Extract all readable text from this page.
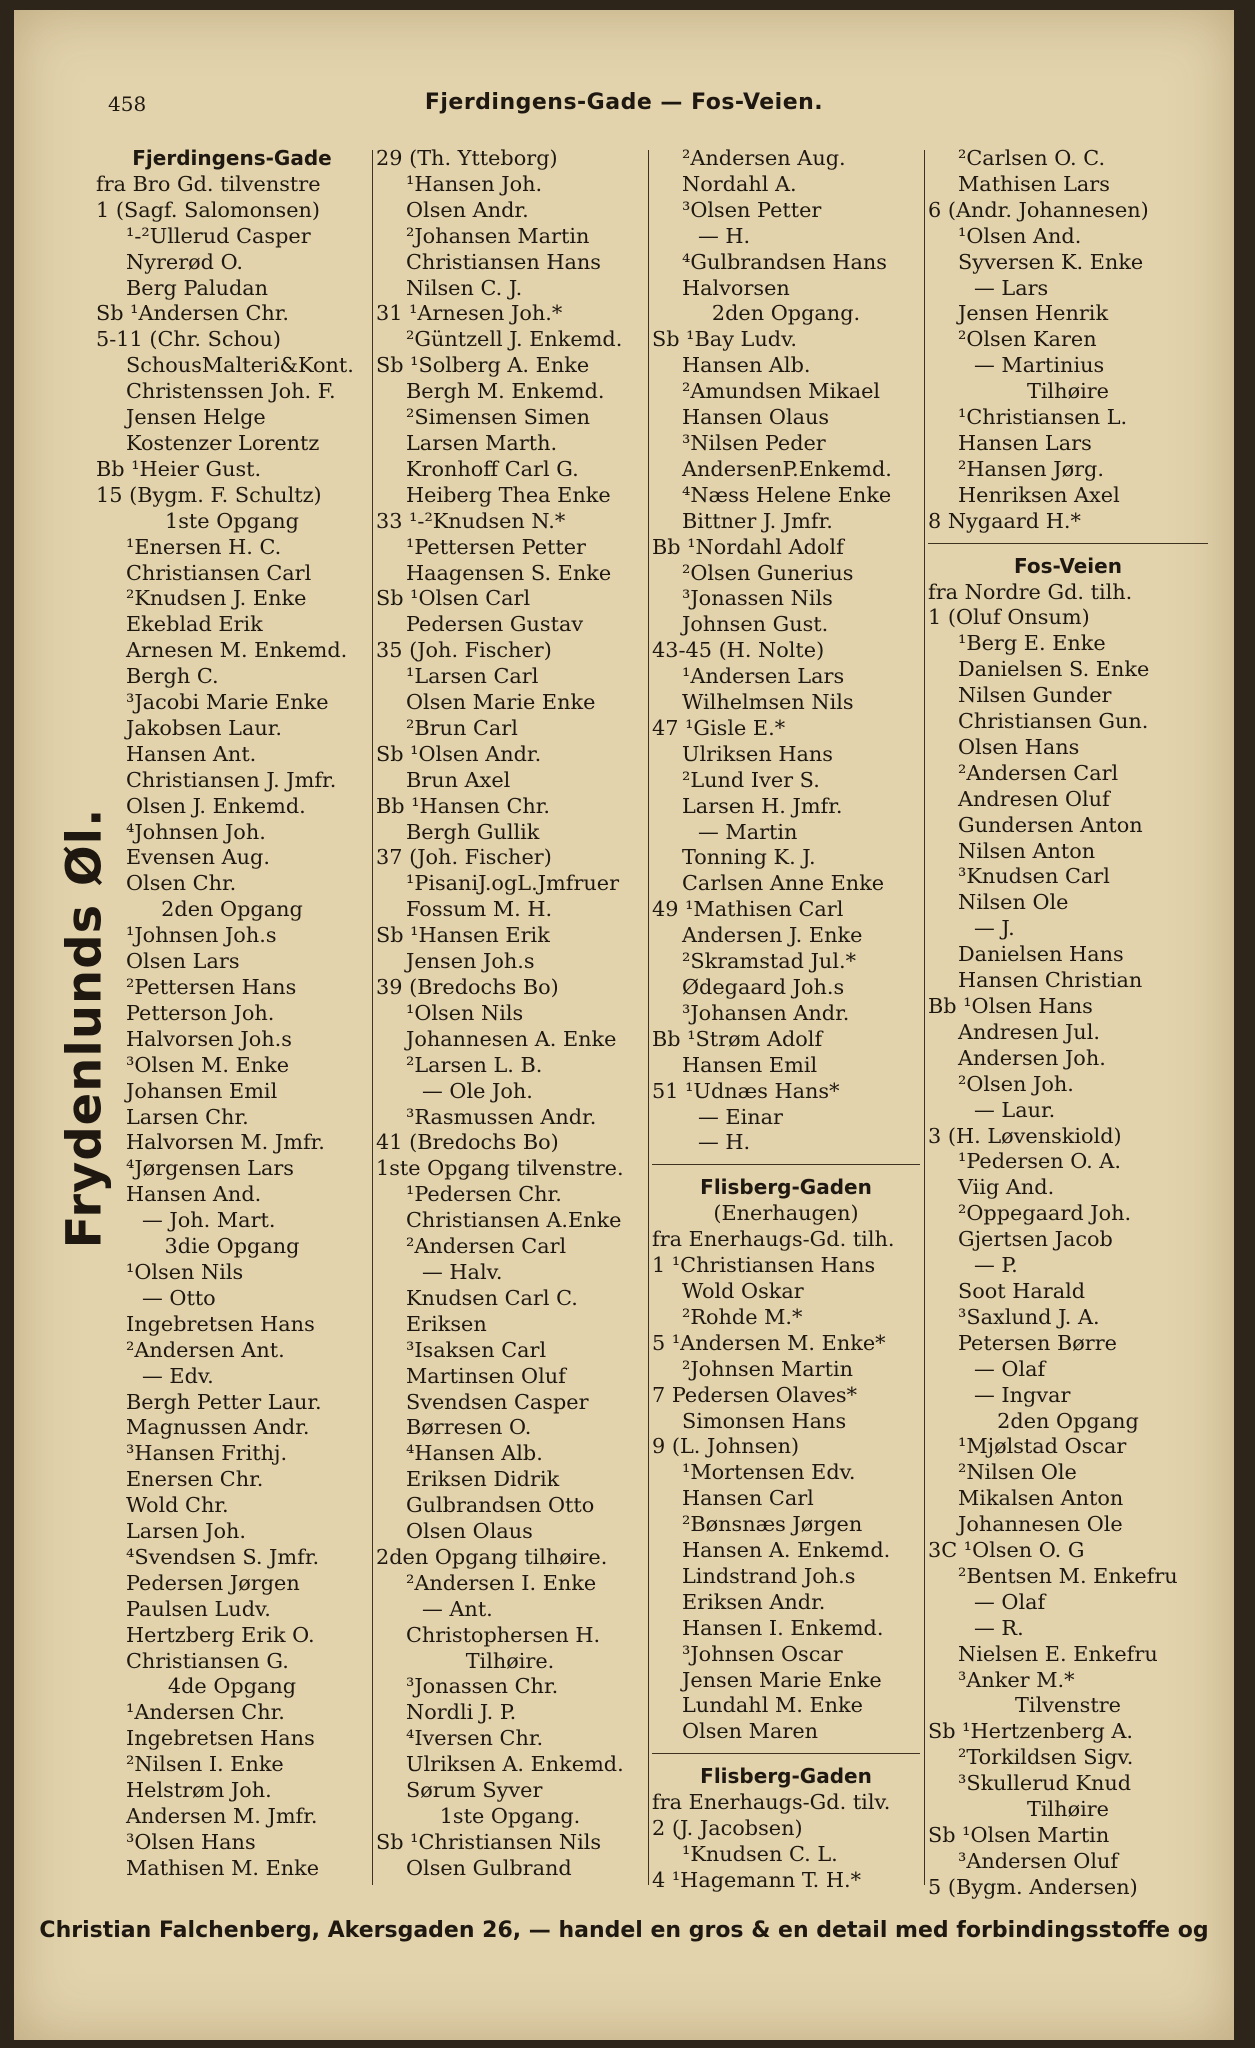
458	Fjerdingens-Gade — Fos-Veien.
Frydenlunds Øl.
Fjerdingens-Gade
fra Bro Gd. tilvenstre
1 (Sagf. Salomonsen)
¹-²Ullerud Casper
Nyrerød O.
Berg Paludan
Sb ¹Andersen Chr.
5-11 (Chr. Schou)
SchousMalteri&Kont.
Christenssen Joh. F.
Jensen Helge
Kostenzer Lorentz
Bb ¹Heier Gust.
15 (Bygm. F. Schultz)
1ste Opgang
¹Enersen H. C.
Christiansen Carl
²Knudsen J. Enke
Ekeblad Erik
Arnesen M. Enkemd.
Bergh C.
³Jacobi Marie Enke
Jakobsen Laur.
Hansen Ant.
Christiansen J. Jmfr.
Olsen J. Enkemd.
⁴Johnsen Joh.
Evensen Aug.
Olsen Chr.
2den Opgang
¹Johnsen Joh.s
Olsen Lars
²Pettersen Hans
Petterson Joh.
Halvorsen Joh.s
³Olsen M. Enke
Johansen Emil
Larsen Chr.
Halvorsen M. Jmfr.
⁴Jørgensen Lars
Hansen And.
— Joh. Mart.
3die Opgang
¹Olsen Nils
— Otto
Ingebretsen Hans
²Andersen Ant.
— Edv.
Bergh Petter Laur.
Magnussen Andr.
³Hansen Frithj.
Enersen Chr.
Wold Chr.
Larsen Joh.
⁴Svendsen S. Jmfr.
Pedersen Jørgen
Paulsen Ludv.
Hertzberg Erik O.
Christiansen G.
4de Opgang
¹Andersen Chr.
Ingebretsen Hans
²Nilsen I. Enke
Helstrøm Joh.
Andersen M. Jmfr.
³Olsen Hans
Mathisen M. Enke
29 (Th. Ytteborg)
¹Hansen Joh.
Olsen Andr.
²Johansen Martin
Christiansen Hans
Nilsen C. J.
31 ¹Arnesen Joh.*
²Güntzell J. Enkemd.
Sb ¹Solberg A. Enke
Bergh M. Enkemd.
²Simensen Simen
Larsen Marth.
Kronhoff Carl G.
Heiberg Thea Enke
33 ¹-²Knudsen N.*
¹Pettersen Petter
Haagensen S. Enke
Sb ¹Olsen Carl
Pedersen Gustav
35 (Joh. Fischer)
¹Larsen Carl
Olsen Marie Enke
²Brun Carl
Sb ¹Olsen Andr.
Brun Axel
Bb ¹Hansen Chr.
Bergh Gullik
37 (Joh. Fischer)
¹PisaniJ.ogL.Jmfruer
Fossum M. H.
Sb ¹Hansen Erik
Jensen Joh.s
39 (Bredochs Bo)
¹Olsen Nils
Johannesen A. Enke
²Larsen L. B.
— Ole Joh.
³Rasmussen Andr.
41 (Bredochs Bo)
1ste Opgang tilvenstre.
¹Pedersen Chr.
Christiansen A.Enke
²Andersen Carl
— Halv.
Knudsen Carl C.
Eriksen
³Isaksen Carl
Martinsen Oluf
Svendsen Casper
Børresen O.
⁴Hansen Alb.
Eriksen Didrik
Gulbrandsen Otto
Olsen Olaus
2den Opgang tilhøire.
²Andersen I. Enke
— Ant.
Christophersen H.
Tilhøire.
³Jonassen Chr.
Nordli J. P.
⁴Iversen Chr.
Ulriksen A. Enkemd.
Sørum Syver
1ste Opgang.
Sb ¹Christiansen Nils
Olsen Gulbrand
²Andersen Aug.
Nordahl A.
³Olsen Petter
— H.
⁴Gulbrandsen Hans
Halvorsen
2den Opgang.
Sb ¹Bay Ludv.
Hansen Alb.
²Amundsen Mikael
Hansen Olaus
³Nilsen Peder
AndersenP.Enkemd.
⁴Næss Helene Enke
Bittner J. Jmfr.
Bb ¹Nordahl Adolf
²Olsen Gunerius
³Jonassen Nils
Johnsen Gust.
43-45 (H. Nolte)
¹Andersen Lars
Wilhelmsen Nils
47 ¹Gisle E.*
Ulriksen Hans
²Lund Iver S.
Larsen H. Jmfr.
— Martin
Tonning K. J.
Carlsen Anne Enke
49 ¹Mathisen Carl
Andersen J. Enke
²Skramstad Jul.*
Ødegaard Joh.s
³Johansen Andr.
Bb ¹Strøm Adolf
Hansen Emil
51 ¹Udnæs Hans*
— Einar
— H.
Flisberg-Gaden
(Enerhaugen)
fra Enerhaugs-Gd. tilh.
1 ¹Christiansen Hans
Wold Oskar
²Rohde M.*
5 ¹Andersen M. Enke*
²Johnsen Martin
7 Pedersen Olaves*
Simonsen Hans
9 (L. Johnsen)
¹Mortensen Edv.
Hansen Carl
²Bønsnæs Jørgen
Hansen A. Enkemd.
Lindstrand Joh.s
Eriksen Andr.
Hansen I. Enkemd.
³Johnsen Oscar
Jensen Marie Enke
Lundahl M. Enke
Olsen Maren
Flisberg-Gaden
fra Enerhaugs-Gd. tilv.
2 (J. Jacobsen)
¹Knudsen C. L.
4 ¹Hagemann T. H.*
²Carlsen O. C.
Mathisen Lars
6 (Andr. Johannesen)
¹Olsen And.
Syversen K. Enke
— Lars
Jensen Henrik
²Olsen Karen
— Martinius
Tilhøire
¹Christiansen L.
Hansen Lars
²Hansen Jørg.
Henriksen Axel
8 Nygaard H.*
Fos-Veien
fra Nordre Gd. tilh.
1 (Oluf Onsum)
¹Berg E. Enke
Danielsen S. Enke
Nilsen Gunder
Christiansen Gun.
Olsen Hans
²Andersen Carl
Andresen Oluf
Gundersen Anton
Nilsen Anton
³Knudsen Carl
Nilsen Ole
— J.
Danielsen Hans
Hansen Christian
Bb ¹Olsen Hans
Andresen Jul.
Andersen Joh.
²Olsen Joh.
— Laur.
3 (H. Løvenskiold)
¹Pedersen O. A.
Viig And.
²Oppegaard Joh.
Gjertsen Jacob
— P.
Soot Harald
³Saxlund J. A.
Petersen Børre
— Olaf
— Ingvar
2den Opgang
¹Mjølstad Oscar
²Nilsen Ole
Mikalsen Anton
Johannesen Ole
3C ¹Olsen O. G
²Bentsen M. Enkefru
— Olaf
— R.
Nielsen E. Enkefru
³Anker M.*
Tilvenstre
Sb ¹Hertzenberg A.
²Torkildsen Sigv.
³Skullerud Knud
Tilhøire
Sb ¹Olsen Martin
³Andersen Oluf
5 (Bygm. Andersen)
Christian Falchenberg, Akersgaden 26, — handel en gros & en detail med forbindingsstoffe og
